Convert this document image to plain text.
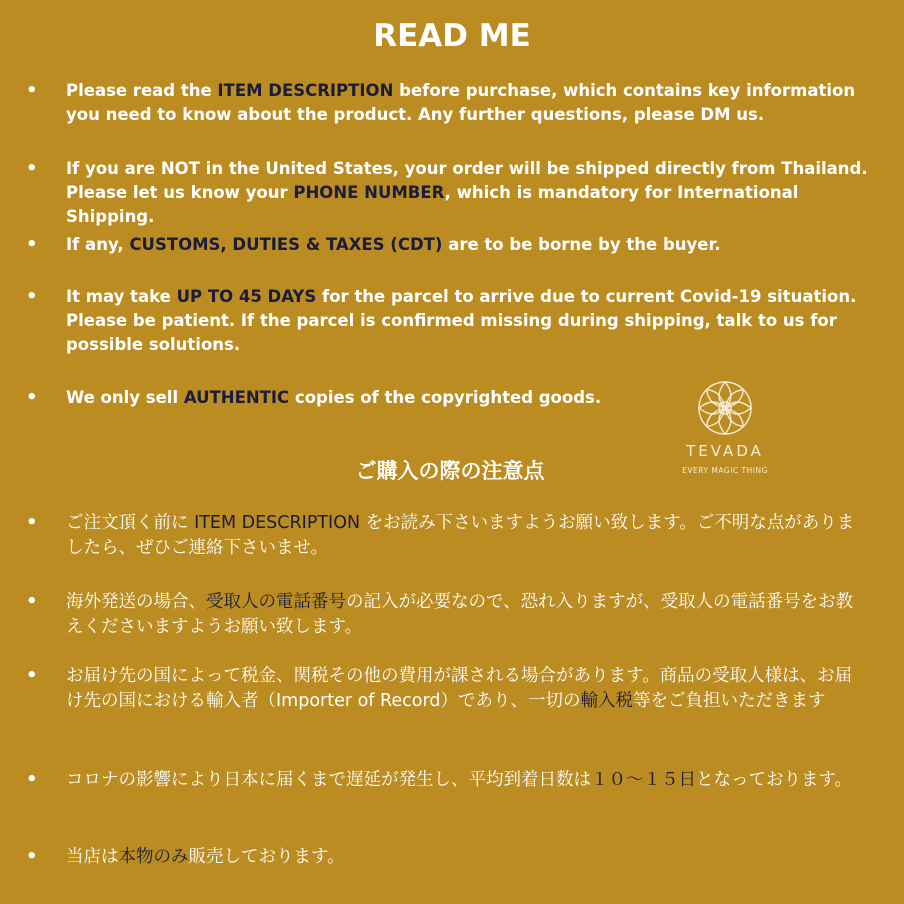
READ ME
• Please read the ITEM DESCRIPTION before purchase, which contains key information you need to know about the product. Any further questions, please DM us.
• If you are NOT in the United States, your order will be shipped directly from Thailand. Please let us know your PHONE NUMBER, which is mandatory for International Shipping.
• If any, CUSTOMS, DUTIES & TAXES (CDT) are to be borne by the buyer.
• It may take UP TO 45 DAYS for the parcel to arrive due to current Covid-19 situation. Please be patient. If the parcel is confirmed missing during shipping, talk to us for possible solutions.
• We only sell AUTHENTIC copies of the copyrighted goods.
TEVADA
EVERY MAGIC THING
ご購入の際の注意点
• ご注文頂く前に ITEM DESCRIPTION をお読み下さいますようお願い致します。ご不明な点がありましたら、ぜひご連絡下さいませ。
• 海外発送の場合、受取人の電話番号の記入が必要なので、恐れ入りますが、受取人の電話番号をお教えくださいますようお願い致します。
• お届け先の国によって税金、関税その他の費用が課される場合があります。商品の受取人様は、お届け先の国における輸入者（Importer of Record）であり、一切の輸入税等をご負担いただきます
• コロナの影響により日本に届くまで遅延が発生し、平均到着日数は１０～１５日となっております。
• 当店は本物のみ販売しております。
